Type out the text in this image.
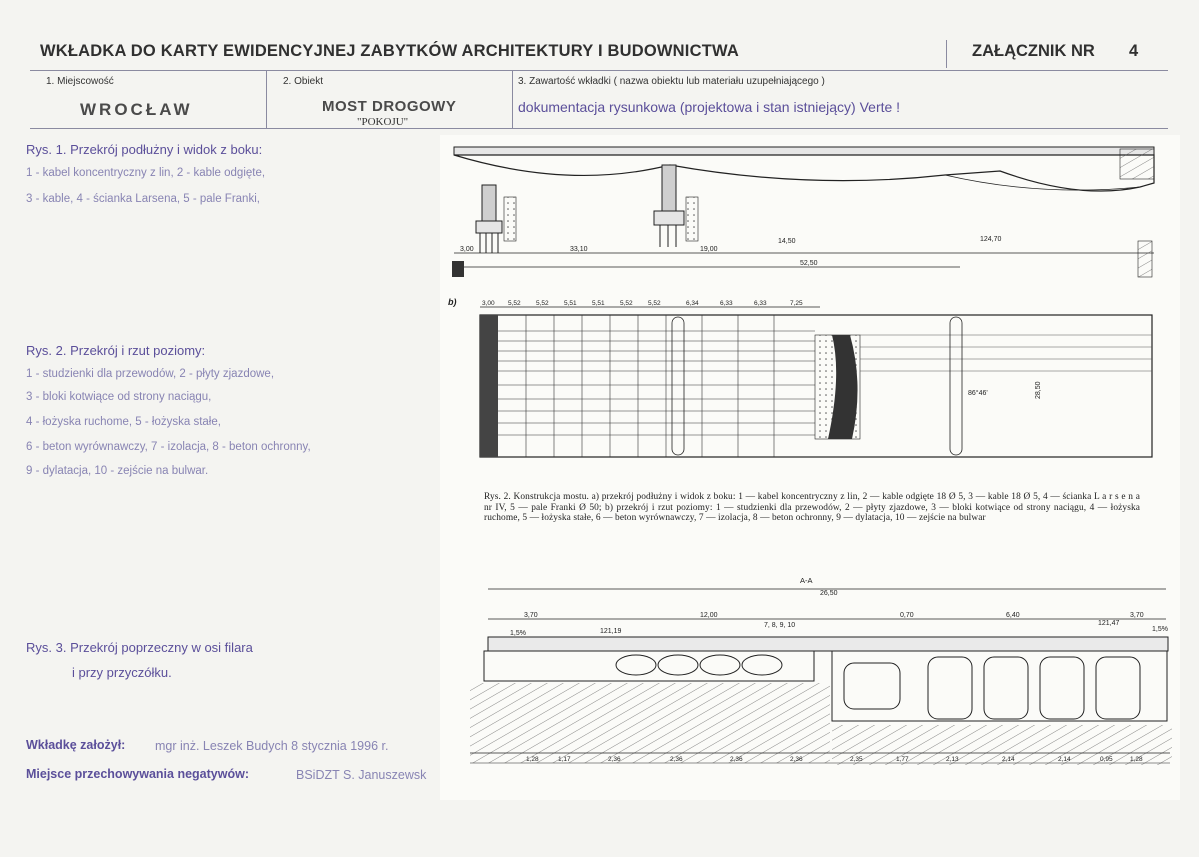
WKŁADKA DO KARTY EWIDENCYJNEJ ZABYTKÓW ARCHITEKTURY I BUDOWNICTWA	ZAŁĄCZNIK NR 4
1. Miejscowość
WROCŁAW
2. Obiekt
MOST DROGOWY
"POKOJU"
3. Zawartość wkładki ( nazwa obiektu lub materiału uzupełniającego )
dokumentacja rysunkowa (projektowa i stan istniejący) Verte !
Rys. 1. Przekrój podłużny i widok z boku:
1 - kabel koncentryczny z lin, 2 - kable odgięte,
3 - kable, 4 - ścianka Larsena, 5 - pale Franki,
Rys. 2. Przekrój i rzut poziomy:
1 - studzienki dla przewodów, 2 - płyty zjazdowe,
3 - bloki kotwiące od strony naciągu,
4 - łożyska ruchome, 5 - łożyska stałe,
6 - beton wyrównawczy, 7 - izolacja, 8 - beton ochronny,
9 - dylatacja, 10 - zejście na bulwar.
Rys. 3. Przekrój poprzeczny w osi filara
i przy przyczółku.
Wkładkę założył: mgr inż. Leszek Budych 8 stycznia 1996 r.
Miejsce przechowywania negatywów:	BSiDZT S. Januszewsk
3,00	33,10	19,00
14,50	124,70
52,50
b)	3,00 5,52 5,52 5,51 5,51 5,52 5,52	6,34	6,33	6,33	7,25
86°46'	28,50
A-A
26,50
3,70	12,00	0,70	6,40	3,70
7, 8, 9, 10
1,5%
1,5%
121,19
121,47
1,28	1,17	2,36	2,36	2,36	2,36	2,35	1,77	2,13	2,14	2,14	0,95	1,28
Rys. 2. Konstrukcja mostu. a) przekrój podłużny i widok z boku: 1 — kabel koncentryczny z lin, 2 — kable odgięte 18 Ø 5, 3 — kable 18 Ø 5, 4 — ścianka L a r s e n a nr IV, 5 — pale Franki Ø 50; b) przekrój i rzut poziomy: 1 — studzienki dla przewodów, 2 — płyty zjazdowe, 3 — bloki kotwiące od strony naciągu, 4 — łożyska ruchome, 5 — łożyska stałe, 6 — beton wyrównawczy, 7 — izolacja, 8 — beton ochronny, 9 — dylatacja, 10 — zejście na bulwar
